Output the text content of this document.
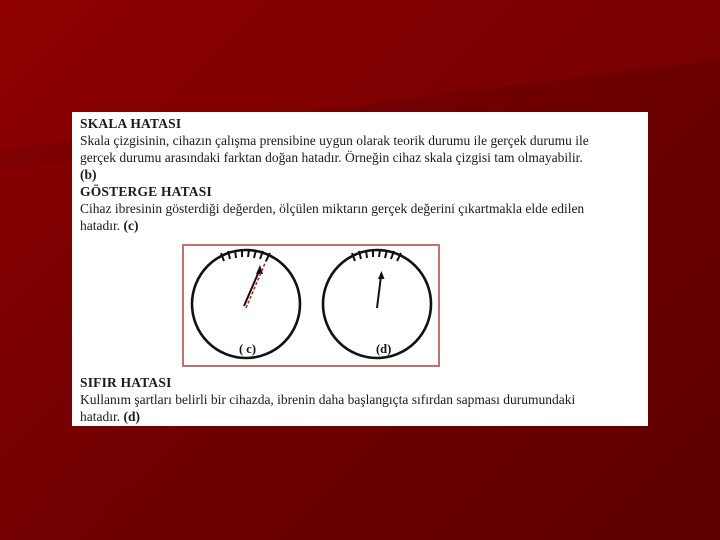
SKALA HATASI
Skala çizgisinin, cihazın çalışma prensibine uygun olarak teorik durumu ile gerçek durumu ile
gerçek durumu arasındaki farktan doğan hatadır. Örneğin cihaz skala çizgisi tam olmayabilir.
(b)
GÖSTERGE HATASI
Cihaz ibresinin gösterdiği değerden, ölçülen miktarın gerçek değerini çıkartmakla elde edilen
hatadır. (c)
( c)	(d)
SIFIR HATASI
Kullanım şartları belirli bir cihazda, ibrenin daha başlangıçta sıfırdan sapması durumundaki
hatadır. (d)
